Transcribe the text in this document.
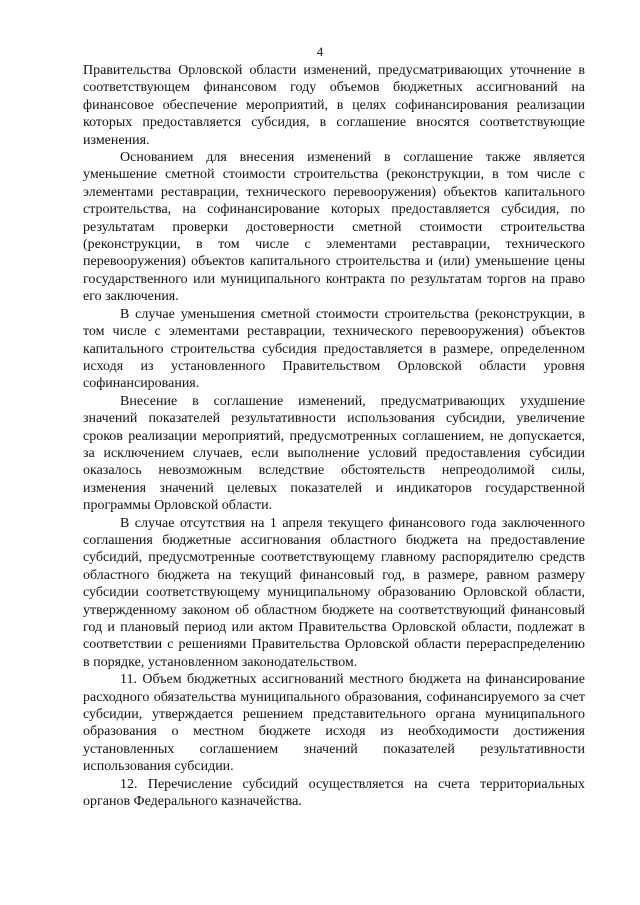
4

Правительства Орловской области изменений, предусматривающих уточнение в соответствующем финансовом году объемов бюджетных ассигнований на финансовое обеспечение мероприятий, в целях софинансирования реализации которых предоставляется субсидия, в соглашение вносятся соответствующие изменения.

Основанием для внесения изменений в соглашение также является уменьшение сметной стоимости строительства (реконструкции, в том числе с элементами реставрации, технического перевооружения) объектов капитального строительства, на софинансирование которых предоставляется субсидия, по результатам проверки достоверности сметной стоимости строительства (реконструкции, в том числе с элементами реставрации, технического перевооружения) объектов капитального строительства и (или) уменьшение цены государственного или муниципального контракта по результатам торгов на право его заключения.

В случае уменьшения сметной стоимости строительства (реконструкции, в том числе с элементами реставрации, технического перевооружения) объектов капитального строительства субсидия предоставляется в размере, определенном исходя из установленного Правительством Орловской области уровня софинансирования.

Внесение в соглашение изменений, предусматривающих ухудшение значений показателей результативности использования субсидии, увеличение сроков реализации мероприятий, предусмотренных соглашением, не допускается, за исключением случаев, если выполнение условий предоставления субсидии оказалось невозможным вследствие обстоятельств непреодолимой силы, изменения значений целевых показателей и индикаторов государственной программы Орловской области.

В случае отсутствия на 1 апреля текущего финансового года заключенного соглашения бюджетные ассигнования областного бюджета на предоставление субсидий, предусмотренные соответствующему главному распорядителю средств областного бюджета на текущий финансовый год, в размере, равном размеру субсидии соответствующему муниципальному образованию Орловской области, утвержденному законом об областном бюджете на соответствующий финансовый год и плановый период или актом Правительства Орловской области, подлежат в соответствии с решениями Правительства Орловской области перераспределению в порядке, установленном законодательством.

11. Объем бюджетных ассигнований местного бюджета на финансирование расходного обязательства муниципального образования, софинансируемого за счет субсидии, утверждается решением представительного органа муниципального образования о местном бюджете исходя из необходимости достижения установленных соглашением значений показателей результативности использования субсидии.

12. Перечисление субсидий осуществляется на счета территориальных органов Федерального казначейства.
